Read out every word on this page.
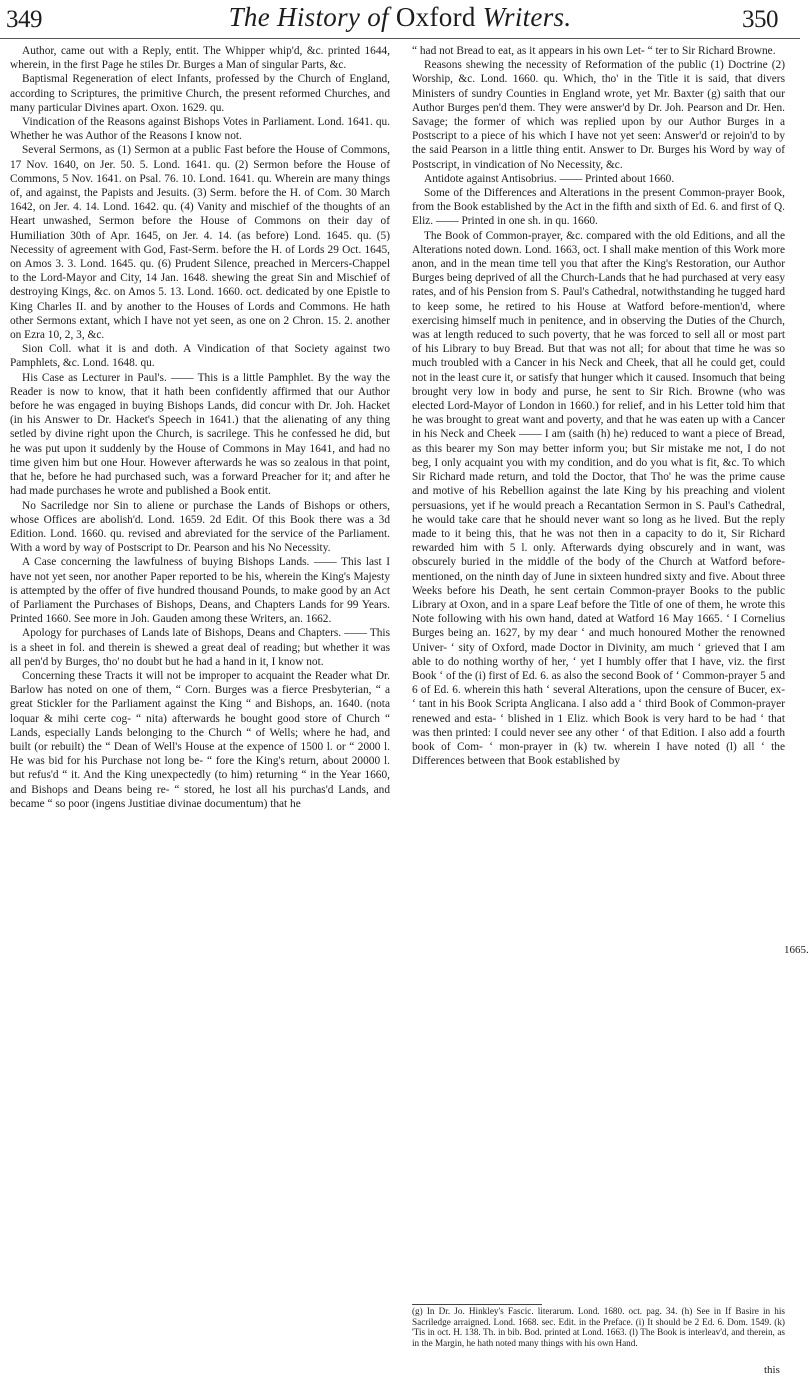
349	The History of Oxford Writers.	350

Author, came out with a Reply, entit. The Whipper whip'd, &c. printed 1644, wherein, in the first Page he stiles Dr. Burges a Man of singular Parts, &c.

Baptismal Regeneration of elect Infants, professed by the Church of England, according to Scriptures, the primitive Church, the present reformed Churches, and many particular Divines apart. Oxon. 1629. qu.

Vindication of the Reasons against Bishops Votes in Parliament. Lond. 1641. qu. Whether he was Author of the Reasons I know not.

Several Sermons, as (1) Sermon at a public Fast before the House of Commons, 17 Nov. 1640, on Jer. 50. 5. Lond. 1641. qu. (2) Sermon before the House of Commons, 5 Nov. 1641. on Psal. 76. 10. Lond. 1641. qu. Wherein are many things of, and against, the Papists and Jesuits. (3) Serm. before the H. of Com. 30 March 1642, on Jer. 4. 14. Lond. 1642. qu. (4) Vanity and mischief of the thoughts of an Heart unwashed, Sermon before the House of Commons on their day of Humiliation 30th of Apr. 1645, on Jer. 4. 14. (as before) Lond. 1645. qu. (5) Necessity of agreement with God, Fast-Serm. before the H. of Lords 29 Oct. 1645, on Amos 3. 3. Lond. 1645. qu. (6) Prudent Silence, preached in Mercers-Chappel to the Lord-Mayor and City, 14 Jan. 1648. shewing the great Sin and Mischief of destroying Kings, &c. on Amos 5. 13. Lond. 1660. oct. dedicated by one Epistle to King Charles II. and by another to the Houses of Lords and Commons. He hath other Sermons extant, which I have not yet seen, as one on 2 Chron. 15. 2. another on Ezra 10, 2, 3, &c.

Sion Coll. what it is and doth. A Vindication of that Society against two Pamphlets, &c. Lond. 1648. qu.

His Case as Lecturer in Paul's. —— This is a little Pamphlet. By the way the Reader is now to know, that it hath been confidently affirmed that our Author before he was engaged in buying Bishops Lands, did concur with Dr. Joh. Hacket (in his Answer to Dr. Hacket's Speech in 1641.) that the alienating of any thing setled by divine right upon the Church, is sacrilege. This he confessed he did, but he was put upon it suddenly by the House of Commons in May 1641, and had no time given him but one Hour. However afterwards he was so zealous in that point, that he, before he had purchased such, was a forward Preacher for it; and after he had made purchases he wrote and published a Book entit.

No Sacriledge nor Sin to aliene or purchase the Lands of Bishops or others, whose Offices are abolish'd. Lond. 1659. 2d Edit. Of this Book there was a 3d Edition. Lond. 1660. qu. revised and abreviated for the service of the Parliament. With a word by way of Postscript to Dr. Pearson and his No Necessity.

A Case concerning the lawfulness of buying Bishops Lands. —— This last I have not yet seen, nor another Paper reported to be his, wherein the King's Majesty is attempted by the offer of five hundred thousand Pounds, to make good by an Act of Parliament the Purchases of Bishops, Deans, and Chapters Lands for 99 Years. Printed 1660. See more in Joh. Gauden among these Writers, an. 1662.

Apology for purchases of Lands late of Bishops, Deans and Chapters. —— This is a sheet in fol. and therein is shewed a great deal of reading; but whether it was all pen'd by Burges, tho' no doubt but he had a hand in it, I know not.

Concerning these Tracts it will not be improper to acquaint the Reader what Dr. Barlow has noted on one of them, “ Corn. Burges was a fierce Presbyterian, “ a great Stickler for the Parliament against the King “ and Bishops, an. 1640. (nota loquar & mihi certe cog- “ nita) afterwards he bought good store of Church “ Lands, especially Lands belonging to the Church “ of Wells; where he had, and built (or rebuilt) the “ Dean of Well's House at the expence of 1500 l. or “ 2000 l. He was bid for his Purchase not long be- “ fore the King's return, about 20000 l. but refus'd “ it. And the King unexpectedly (to him) returning “ in the Year 1660, and Bishops and Deans being re- “ stored, he lost all his purchas'd Lands, and became “ so poor (ingens Justitiae divinae documentum) that he

“ had not Bread to eat, as it appears in his own Let- “ ter to Sir Richard Browne.

Reasons shewing the necessity of Reformation of the public (1) Doctrine (2) Worship, &c. Lond. 1660. qu. Which, tho' in the Title it is said, that divers Ministers of sundry Counties in England wrote, yet Mr. Baxter (g) saith that our Author Burges pen'd them. They were answer'd by Dr. Joh. Pearson and Dr. Hen. Savage; the former of which was replied upon by our Author Burges in a Postscript to a piece of his which I have not yet seen: Answer'd or rejoin'd to by the said Pearson in a little thing entit. Answer to Dr. Burges his Word by way of Postscript, in vindication of No Necessity, &c.

Antidote against Antisobrius. —— Printed about 1660.

Some of the Differences and Alterations in the present Common-prayer Book, from the Book established by the Act in the fifth and sixth of Ed. 6. and first of Q. Eliz. —— Printed in one sh. in qu. 1660.

The Book of Common-prayer, &c. compared with the old Editions, and all the Alterations noted down. Lond. 1663, oct. I shall make mention of this Work more anon, and in the mean time tell you that after the King's Restoration, our Author Burges being deprived of all the Church-Lands that he had purchased at very easy rates, and of his Pension from S. Paul's Cathedral, notwithstanding he tugged hard to keep some, he retired to his House at Watford before-mention'd, where exercising himself much in penitence, and in observing the Duties of the Church, was at length reduced to such poverty, that he was forced to sell all or most part of his Library to buy Bread. But that was not all; for about that time he was so much troubled with a Cancer in his Neck and Cheek, that all he could get, could not in the least cure it, or satisfy that hunger which it caused. Insomuch that being brought very low in body and purse, he sent to Sir Rich. Browne (who was elected Lord-Mayor of London in 1660.) for relief, and in his Letter told him that he was brought to great want and poverty, and that he was eaten up with a Cancer in his Neck and Cheek —— I am (saith (h) he) reduced to want a piece of Bread, as this bearer my Son may better inform you; but Sir mistake me not, I do not beg, I only acquaint you with my condition, and do you what is fit, &c. To which Sir Richard made return, and told the Doctor, that Tho' he was the prime cause and motive of his Rebellion against the late King by his preaching and violent persuasions, yet if he would preach a Recantation Sermon in S. Paul's Cathedral, he would take care that he should never want so long as he lived. But the reply made to it being this, that he was not then in a capacity to do it, Sir Richard rewarded him with 5 l. only. Afterwards dying obscurely and in want, was obscurely buried in the middle of the body of the Church at Watford before-mentioned, on the ninth day of June in sixteen hundred sixty and five. About three Weeks before his Death, he sent certain Common-prayer Books to the public Library at Oxon, and in a spare Leaf before the Title of one of them, he wrote this Note following with his own hand, dated at Watford 16 May 1665. ‘ I Cornelius Burges being an. 1627, by my dear ‘ and much honoured Mother the renowned Univer- ‘ sity of Oxford, made Doctor in Divinity, am much ‘ grieved that I am able to do nothing worthy of her, ‘ yet I humbly offer that I have, viz. the first Book ‘ of the (i) first of Ed. 6. as also the second Book of ‘ Common-prayer 5 and 6 of Ed. 6. wherein this hath ‘ several Alterations, upon the censure of Bucer, ex- ‘ tant in his Book Scripta Anglicana. I also add a ‘ third Book of Common-prayer renewed and esta- ‘ blished in 1 Eliz. which Book is very hard to be had ‘ that was then printed: I could never see any other ‘ of that Edition. I also add a fourth book of Com- ‘ mon-prayer in (k) tw. wherein I have noted (l) all ‘ the Differences between that Book established by

1665.
(g) In Dr. Jo. Hinkley's Fascic. literarum. Lond. 1680. oct. pag. 34. (h) See in If Basire in his Sacriledge arraigned. Lond. 1668. sec. Edit. in the Preface. (i) It should be 2 Ed. 6. Dom. 1549. (k) 'Tis in oct. H. 138. Th. in bib. Bod. printed at Lond. 1663. (l) The Book is interleav'd, and therein, as in the Margin, he hath noted many things with his own Hand.
this
